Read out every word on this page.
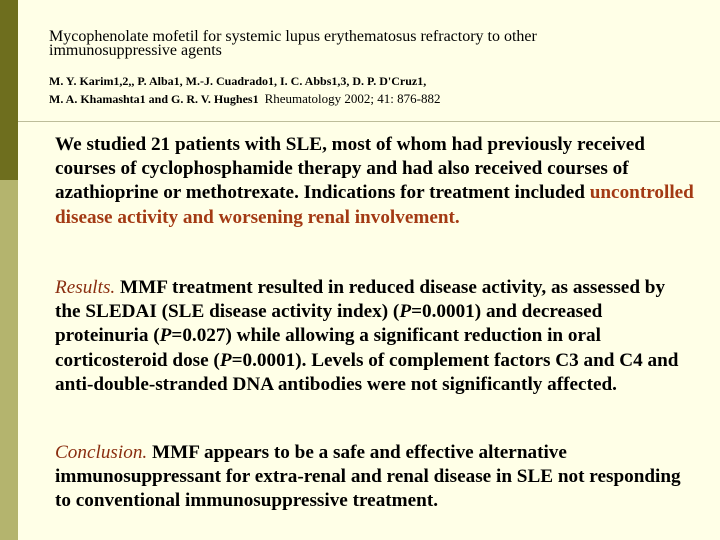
Mycophenolate mofetil for systemic lupus erythematosus refractory to other
immunosuppressive agents
M. Y. Karim1,2,, P. Alba1, M.-J. Cuadrado1, I. C. Abbs1,3, D. P. D'Cruz1,
M. A. Khamashta1 and G. R. V. Hughes1 Rheumatology 2002; 41: 876-882

We studied 21 patients with SLE, most of whom had previously received courses of cyclophosphamide therapy and had also received courses of azathioprine or methotrexate. Indications for treatment included uncontrolled disease activity and worsening renal involvement.

Results. MMF treatment resulted in reduced disease activity, as assessed by the SLEDAI (SLE disease activity index) (P=0.0001) and decreased proteinuria (P=0.027) while allowing a significant reduction in oral corticosteroid dose (P=0.0001). Levels of complement factors C3 and C4 and anti-double-stranded DNA antibodies were not significantly affected.

Conclusion. MMF appears to be a safe and effective alternative immunosuppressant for extra-renal and renal disease in SLE not responding to conventional immunosuppressive treatment.
